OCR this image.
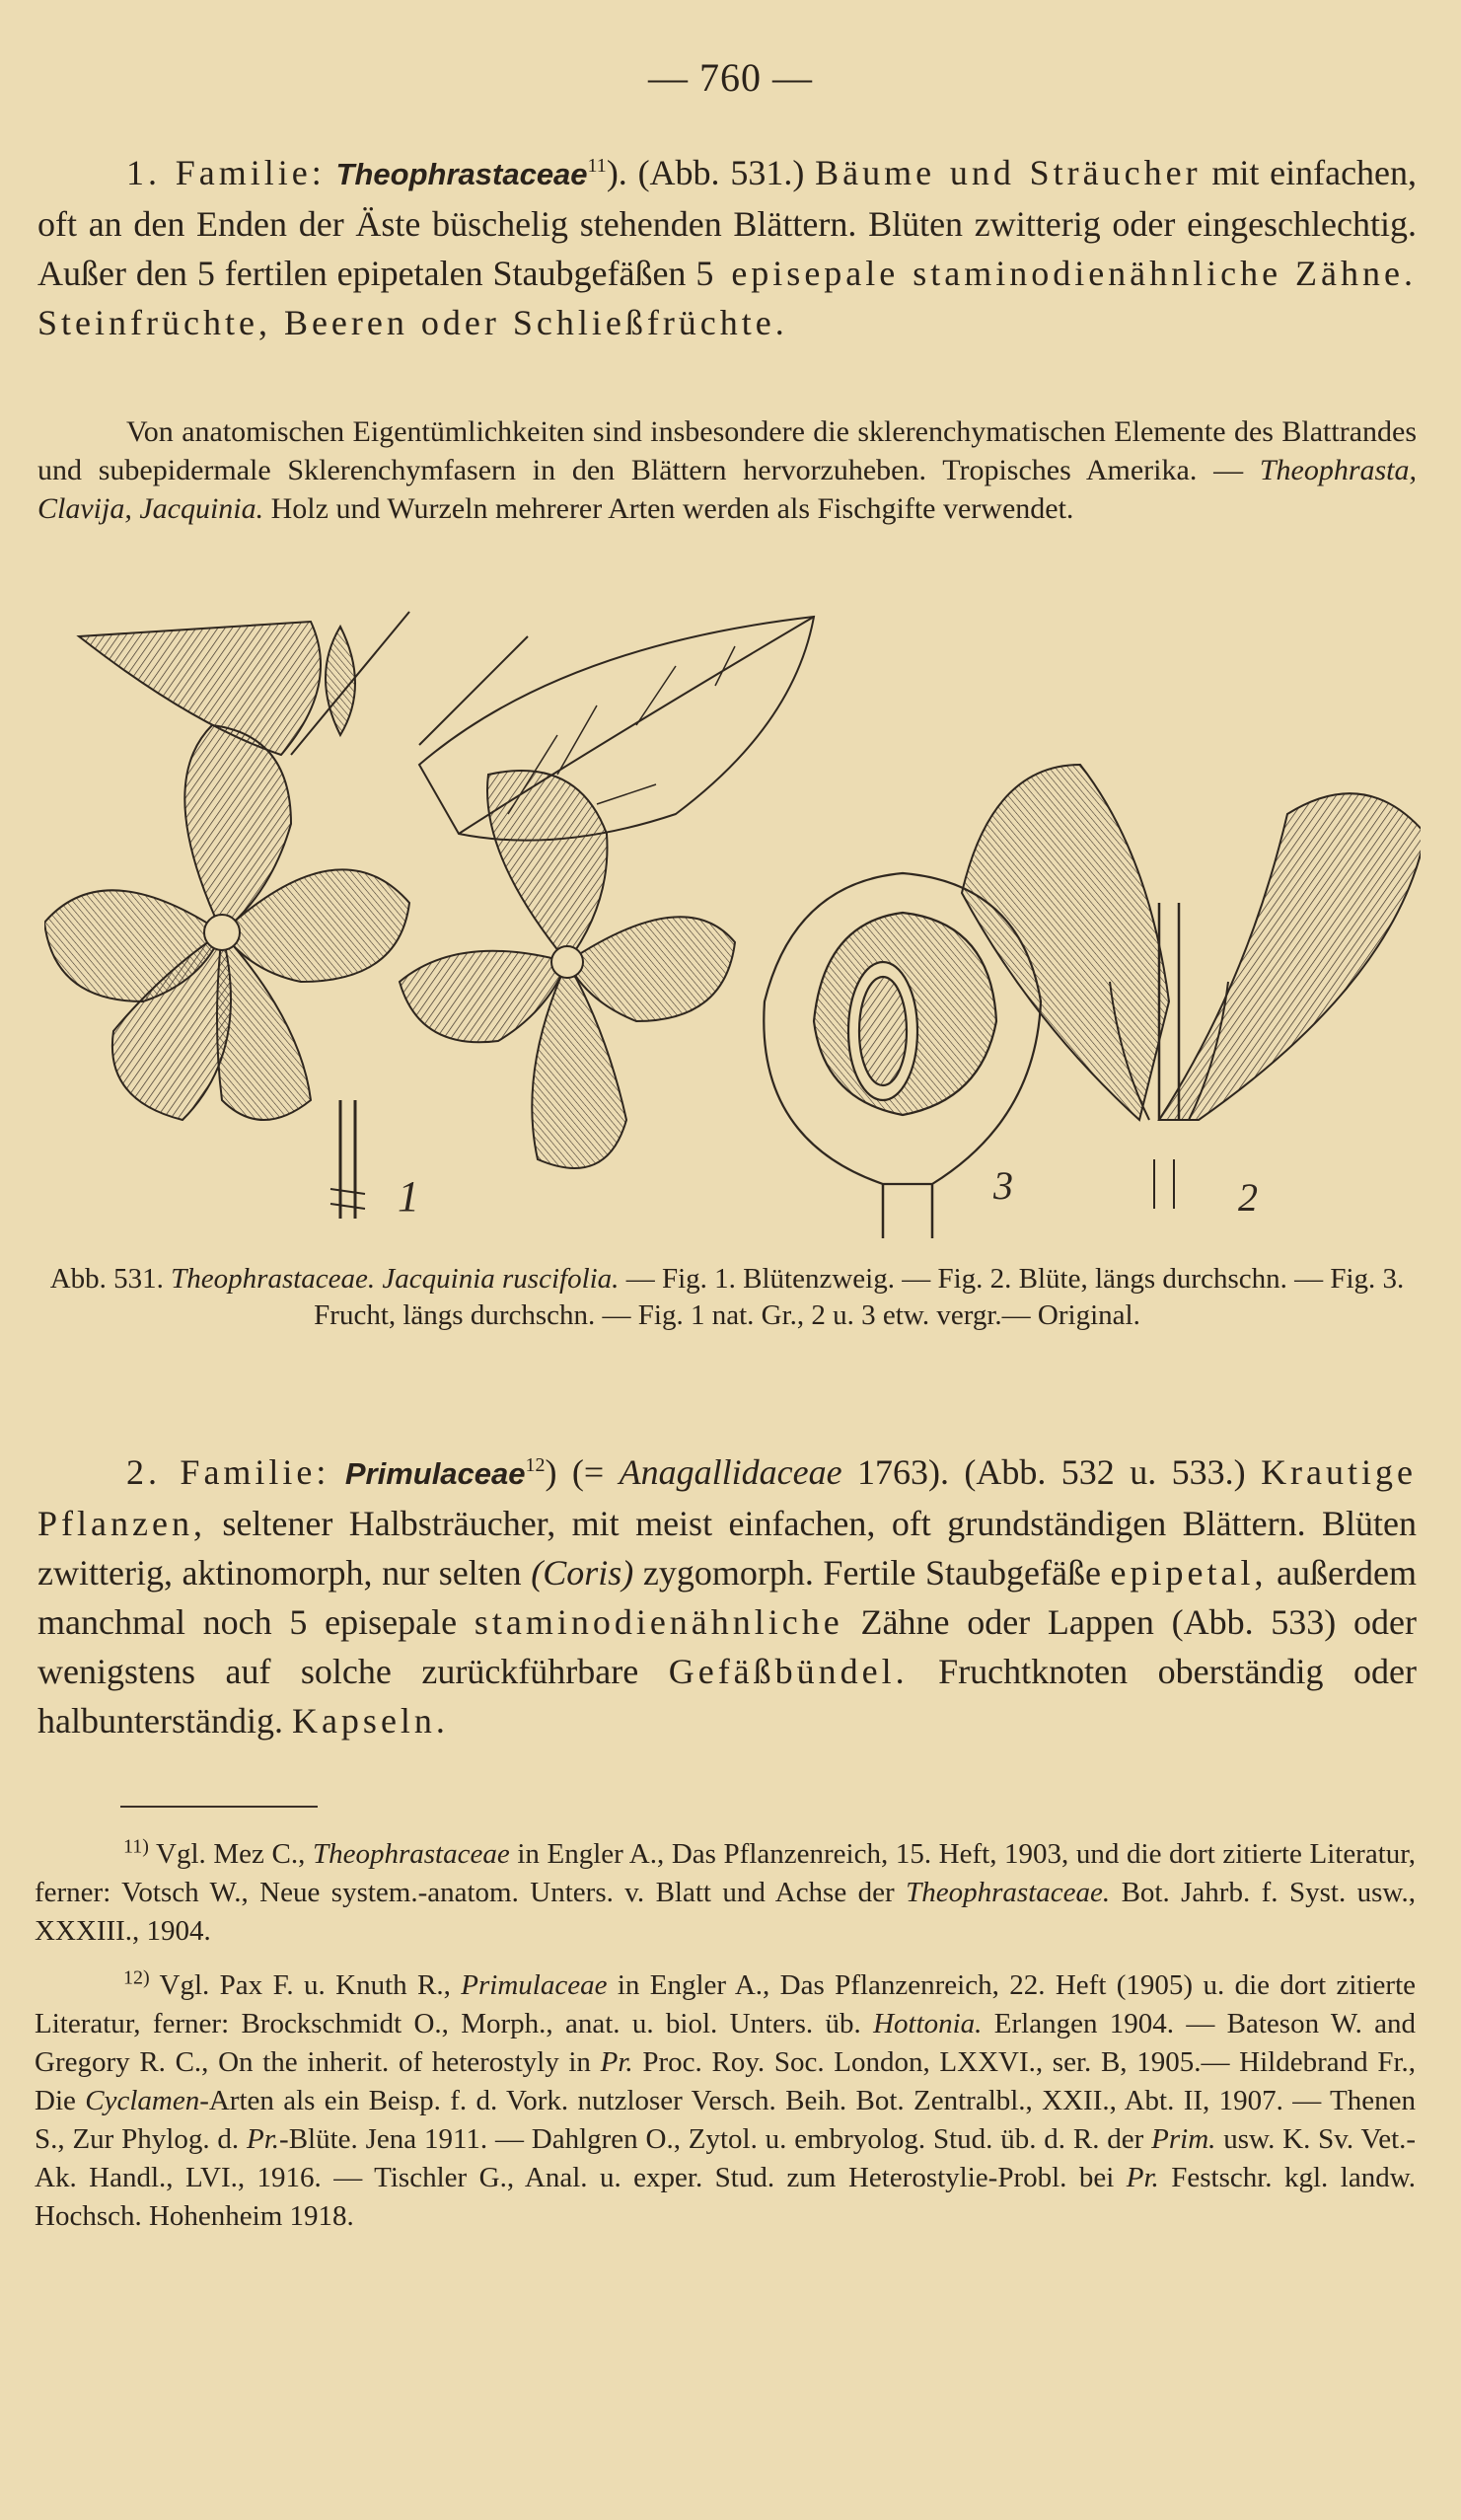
— 760 —

1. Familie: Theophrastaceae$^{11}$). (Abb. 531.) Bäume und Sträucher mit einfachen, oft an den Enden der Äste büschelig stehenden Blättern. Blüten zwitterig oder eingeschlechtig. Außer den 5 fertilen epipetalen Staubgefäßen 5 episepale staminodienähnliche Zähne. Steinfrüchte, Beeren oder Schließfrüchte.

Von anatomischen Eigentümlichkeiten sind insbesondere die sklerenchymatischen Elemente des Blattrandes und subepidermale Sklerenchymfasern in den Blättern hervorzuheben. Tropisches Amerika. — Theophrasta, Clavija, Jacquinia. Holz und Wurzeln mehrerer Arten werden als Fischgifte verwendet.

1	3	2
Abb. 531. Theophrastaceae. Jacquinia ruscifolia. — Fig. 1. Blütenzweig. — Fig. 2. Blüte, längs durchschn. — Fig. 3. Frucht, längs durchschn. — Fig. 1 nat. Gr., 2 u. 3 etw. vergr.— Original.

2. Familie: Primulaceae$^{12}$) (= Anagallidaceae 1763). (Abb. 532 u. 533.) Krautige Pflanzen, seltener Halbsträucher, mit meist einfachen, oft grundständigen Blättern. Blüten zwitterig, aktinomorph, nur selten (Coris) zygomorph. Fertile Staubgefäße epipetal, außerdem manchmal noch 5 episepale staminodienähnliche Zähne oder Lappen (Abb. 533) oder wenigstens auf solche zurückführbare Gefäßbündel. Fruchtknoten oberständig oder halbunterständig. Kapseln.

$^{11)}$ Vgl. Mez C., Theophrastaceae in Engler A., Das Pflanzenreich, 15. Heft, 1903, und die dort zitierte Literatur, ferner: Votsch W., Neue system.-anatom. Unters. v. Blatt und Achse der Theophrastaceae. Bot. Jahrb. f. Syst. usw., XXXIII., 1904.

$^{12)}$ Vgl. Pax F. u. Knuth R., Primulaceae in Engler A., Das Pflanzenreich, 22. Heft (1905) u. die dort zitierte Literatur, ferner: Brockschmidt O., Morph., anat. u. biol. Unters. üb. Hottonia. Erlangen 1904. — Bateson W. and Gregory R. C., On the inherit. of heterostyly in Pr. Proc. Roy. Soc. London, LXXVI., ser. B, 1905.— Hildebrand Fr., Die Cyclamen-Arten als ein Beisp. f. d. Vork. nutzloser Versch. Beih. Bot. Zentralbl., XXII., Abt. II, 1907. — Thenen S., Zur Phylog. d. Pr.-Blüte. Jena 1911. — Dahlgren O., Zytol. u. embryolog. Stud. üb. d. R. der Prim. usw. K. Sv. Vet.-Ak. Handl., LVI., 1916. — Tischler G., Anal. u. exper. Stud. zum Heterostylie-Probl. bei Pr. Festschr. kgl. landw. Hochsch. Hohenheim 1918.
